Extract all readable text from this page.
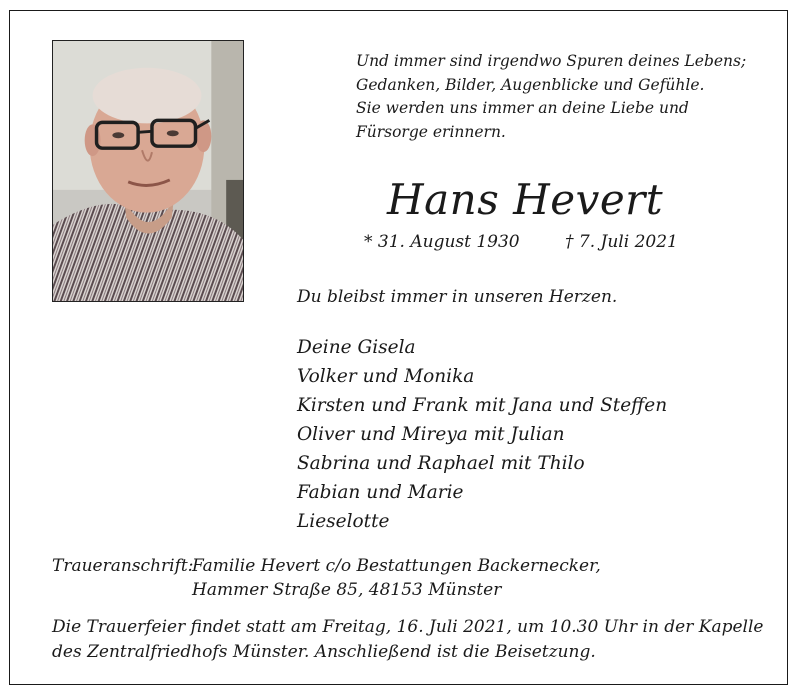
Und immer sind irgendwo Spuren deines Lebens;
Gedanken, Bilder, Augenblicke und Gefühle.
Sie werden uns immer an deine Liebe und
Fürsorge erinnern.
Hans Hevert
* 31. August 1930	† 7. Juli 2021
Du bleibst immer in unseren Herzen.
Deine Gisela
Volker und Monika
Kirsten und Frank mit Jana und Steffen
Oliver und Mireya mit Julian
Sabrina und Raphael mit Thilo
Fabian und Marie
Lieselotte
Traueranschrift:Familie Hevert c/o Bestattungen Backernecker,
Hammer Straße 85, 48153 Münster
Die Trauerfeier findet statt am Freitag, 16. Juli 2021, um 10.30 Uhr in der Kapelle
des Zentralfriedhofs Münster. Anschließend ist die Beisetzung.
